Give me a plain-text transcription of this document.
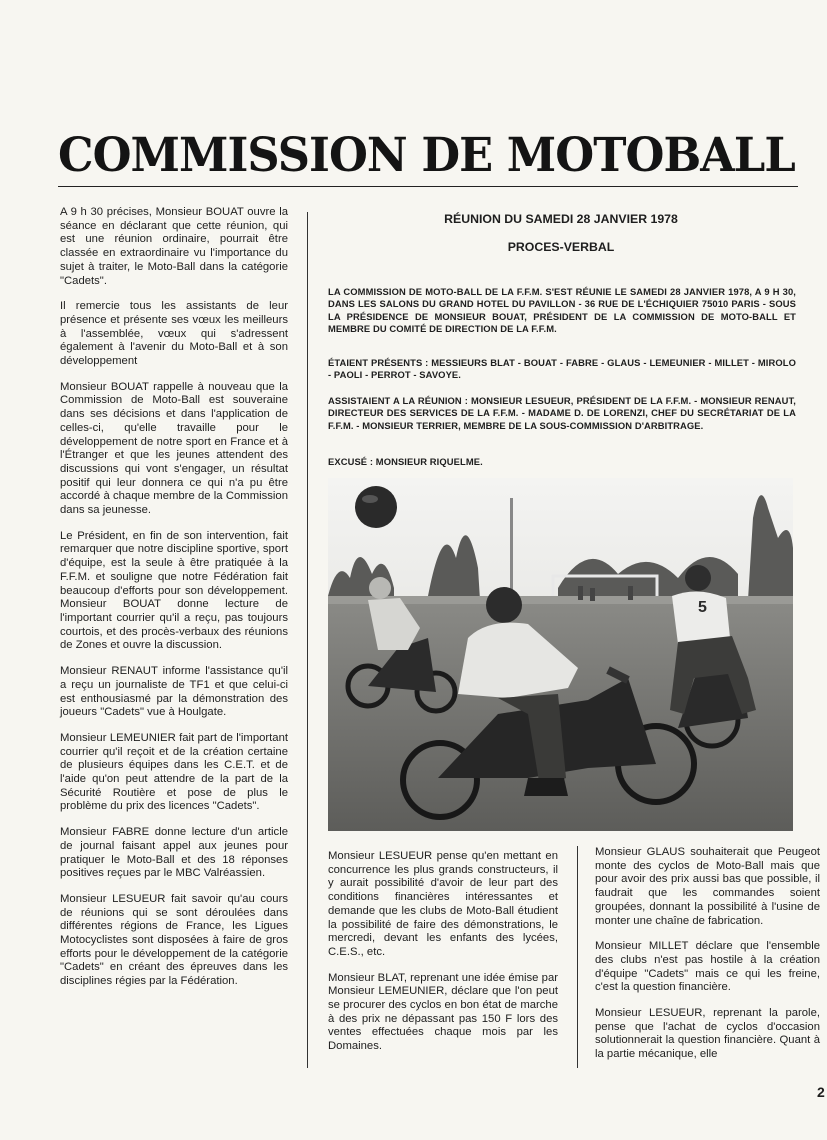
COMMISSION DE MOTOBALL

A 9 h 30 précises, Monsieur BOUAT ouvre la séance en déclarant que cette réunion, qui est une réunion ordinaire, pourrait être classée en extraordinaire vu l'importance du sujet à traiter, le Moto-Ball dans la catégorie "Cadets".

Il remercie tous les assistants de leur présence et présente ses vœux les meilleurs à l'assemblée, vœux qui s'adressent également à l'avenir du Moto-Ball et à son développement

Monsieur BOUAT rappelle à nouveau que la Commission de Moto-Ball est souveraine dans ses décisions et dans l'application de celles-ci, qu'elle travaille pour le développement de notre sport en France et à l'Étranger et que les jeunes attendent des discussions qui vont s'engager, un résultat positif qui leur donnera ce qui n'a pu être accordé à chaque membre de la Commission dans sa jeunesse.

Le Président, en fin de son intervention, fait remarquer que notre discipline sportive, sport d'équipe, est la seule à être pratiquée à la F.F.M. et souligne que notre Fédération fait beaucoup d'efforts pour son développement. Monsieur BOUAT donne lecture de l'important courrier qu'il a reçu, pas toujours courtois, et des procès-verbaux des réunions de Zones et ouvre la discussion.

Monsieur RENAUT informe l'assistance qu'il a reçu un journaliste de TF1 et que celui-ci est enthousiasmé par la démonstration des joueurs "Cadets" vue à Houlgate.

Monsieur LEMEUNIER fait part de l'important courrier qu'il reçoit et de la création certaine de plusieurs équipes dans les C.E.T. et de l'aide qu'on peut attendre de la part de la Sécurité Routière et pose de plus le problème du prix des licences "Cadets".

Monsieur FABRE donne lecture d'un article de journal faisant appel aux jeunes pour pratiquer le Moto-Ball et des 18 réponses positives reçues par le MBC Valréassien.

Monsieur LESUEUR fait savoir qu'au cours de réunions qui se sont déroulées dans différentes régions de France, les Ligues Motocyclistes sont disposées à faire de gros efforts pour le développement de la catégorie "Cadets" en créant des épreuves dans les disciplines régies par la Fédération.

RÉUNION DU SAMEDI 28 JANVIER 1978
PROCES-VERBAL
LA COMMISSION DE MOTO-BALL DE LA F.F.M. S'EST RÉUNIE LE SAMEDI 28 JANVIER 1978, A 9 H 30, DANS LES SALONS DU GRAND HOTEL DU PAVILLON - 36 RUE DE L'ÉCHIQUIER 75010 PARIS - SOUS LA PRÉSIDENCE DE MONSIEUR BOUAT, PRÉSIDENT DE LA COMMISSION DE MOTO-BALL ET MEMBRE DU COMITÉ DE DIRECTION DE LA F.F.M.
ÉTAIENT PRÉSENTS : MESSIEURS BLAT - BOUAT - FABRE - GLAUS - LEMEUNIER - MILLET - MIROLO - PAOLI - PERROT - SAVOYE.
ASSISTAIENT A LA RÉUNION : MONSIEUR LESUEUR, PRÉSIDENT DE LA F.F.M. - MONSIEUR RENAUT, DIRECTEUR DES SERVICES DE LA F.F.M. - MADAME D. DE LORENZI, CHEF DU SECRÉTARIAT DE LA F.F.M. - MONSIEUR TERRIER, MEMBRE DE LA SOUS-COMMISSION D'ARBITRAGE.
EXCUSÉ : MONSIEUR RIQUELME.
5

Monsieur LESUEUR pense qu'en mettant en concurrence les plus grands constructeurs, il y aurait possibilité d'avoir de leur part des conditions financières intéressantes et demande que les clubs de Moto-Ball étudient la possibilité de faire des démonstrations, le mercredi, devant les enfants des lycées, C.E.S., etc.

Monsieur BLAT, reprenant une idée émise par Monsieur LEMEUNIER, déclare que l'on peut se procurer des cyclos en bon état de marche à des prix ne dépassant pas 150 F lors des ventes effectuées chaque mois par les Domaines.

Monsieur GLAUS souhaiterait que Peugeot monte des cyclos de Moto-Ball mais que pour avoir des prix aussi bas que possible, il faudrait que les commandes soient groupées, donnant la possibilité à l'usine de monter une chaîne de fabrication.

Monsieur MILLET déclare que l'ensemble des clubs n'est pas hostile à la création d'équipe "Cadets" mais ce qui les freine, c'est la question financière.

Monsieur LESUEUR, reprenant la parole, pense que l'achat de cyclos d'occasion solutionnerait la question financière. Quant à la partie mécanique, elle

2
